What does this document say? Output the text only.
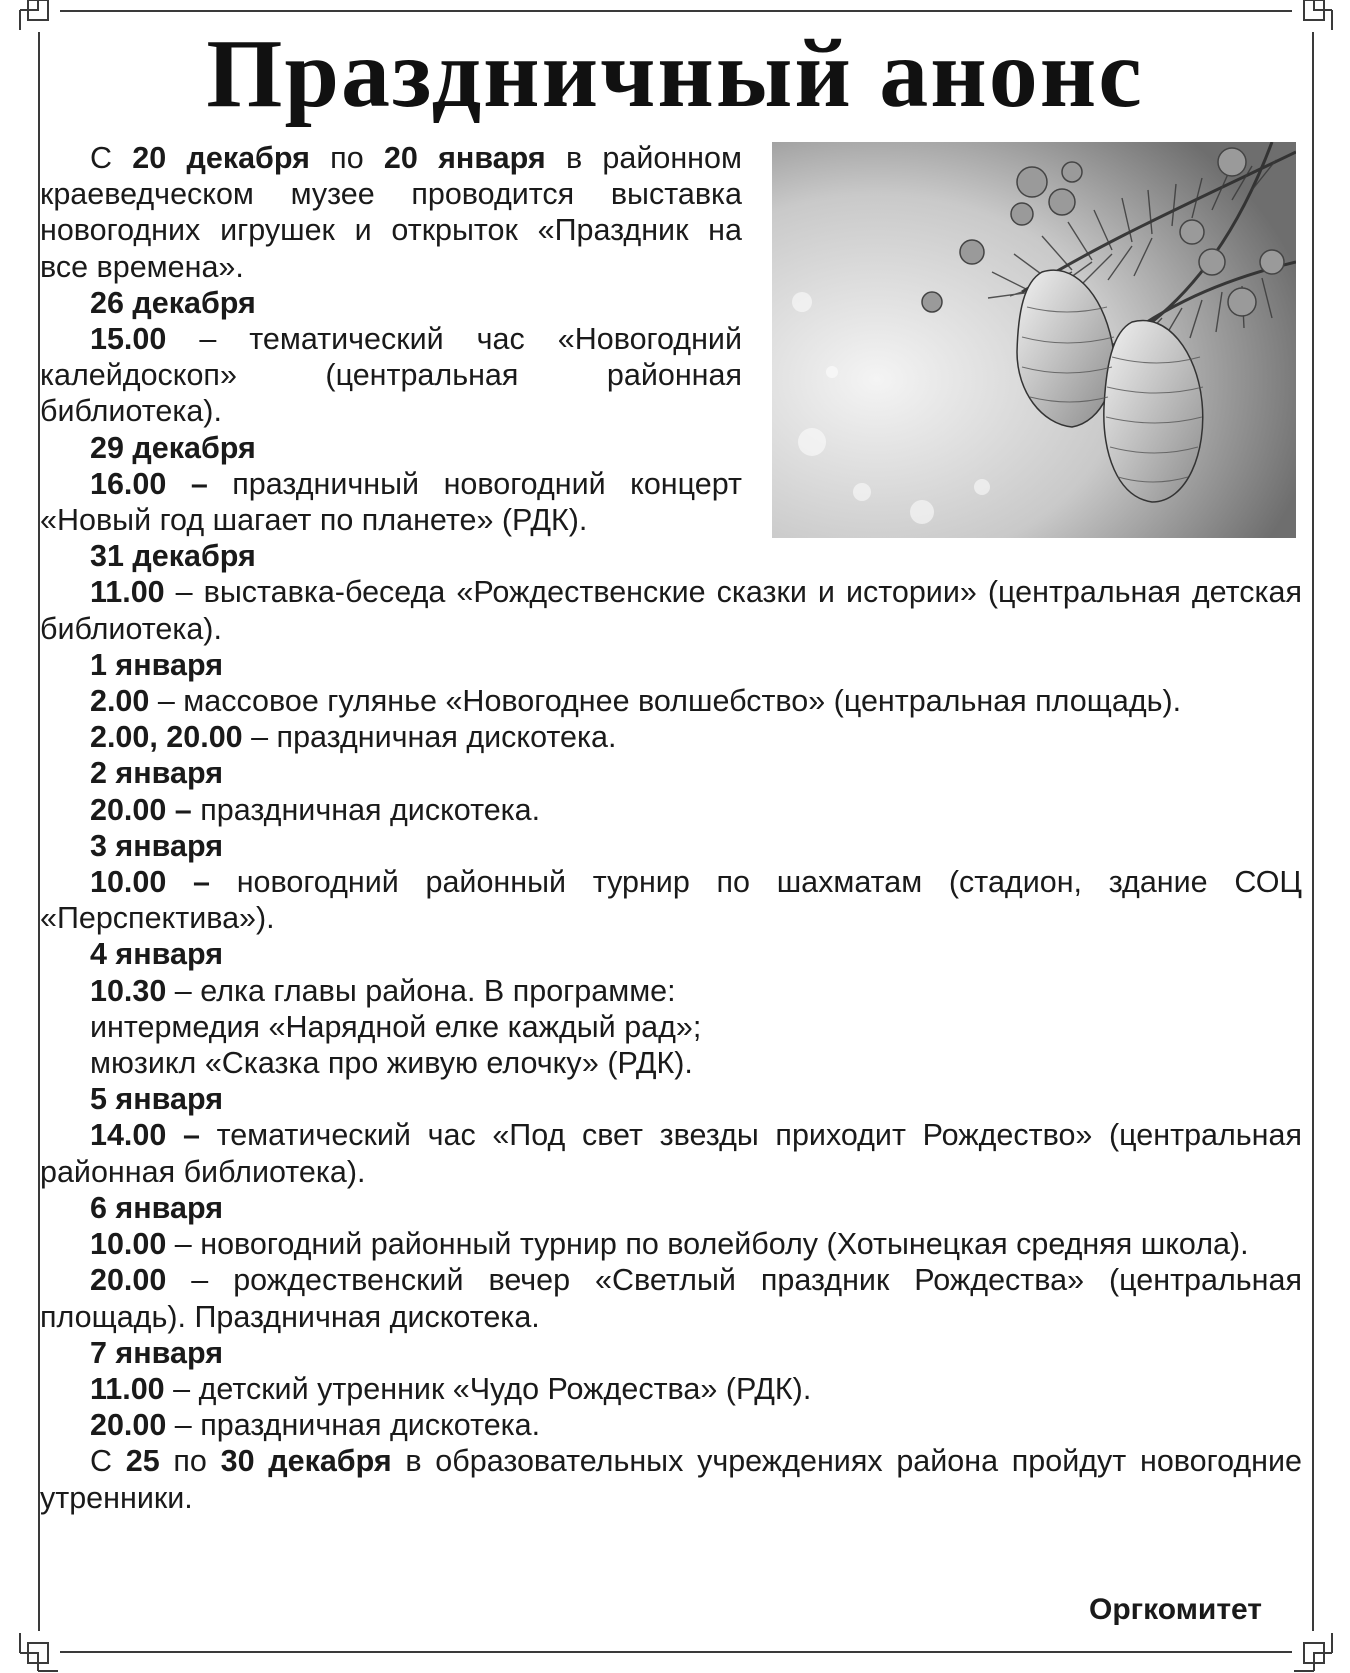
Праздничный анонс

С 20 декабря по 20 января в районном краеведческом музее проводится выставка новогодних игрушек и открыток «Праздник на все времена».

26 декабря

15.00 – тематический час «Новогодний калейдоскоп» (центральная районная библиотека).

29 декабря

16.00 – праздничный новогодний концерт «Новый год шагает по планете» (РДК).

31 декабря

11.00 – выставка-беседа «Рождественские сказки и истории» (центральная детская библиотека).

1 января

2.00 – массовое гулянье «Новогоднее волшебство» (центральная площадь).

2.00, 20.00 – праздничная дискотека.

2 января

20.00 – праздничная дискотека.

3 января

10.00 – новогодний районный турнир по шахматам (стадион, здание СОЦ «Перспектива»).

4 января

10.30 – елка главы района. В программе:

интермедия «Нарядной елке каждый рад»;

мюзикл «Сказка про живую елочку» (РДК).

5 января

14.00 – тематический час «Под свет звезды приходит Рождество» (центральная районная библиотека).

6 января

10.00 – новогодний районный турнир по волейболу (Хотынецкая средняя школа).

20.00 – рождественский вечер «Светлый праздник Рождества» (центральная площадь). Праздничная дискотека.

7 января

11.00 – детский утренник «Чудо Рождества» (РДК).

20.00 – праздничная дискотека.

С 25 по 30 декабря в образовательных учреждениях района пройдут новогодние утренники.

Оргкомитет
